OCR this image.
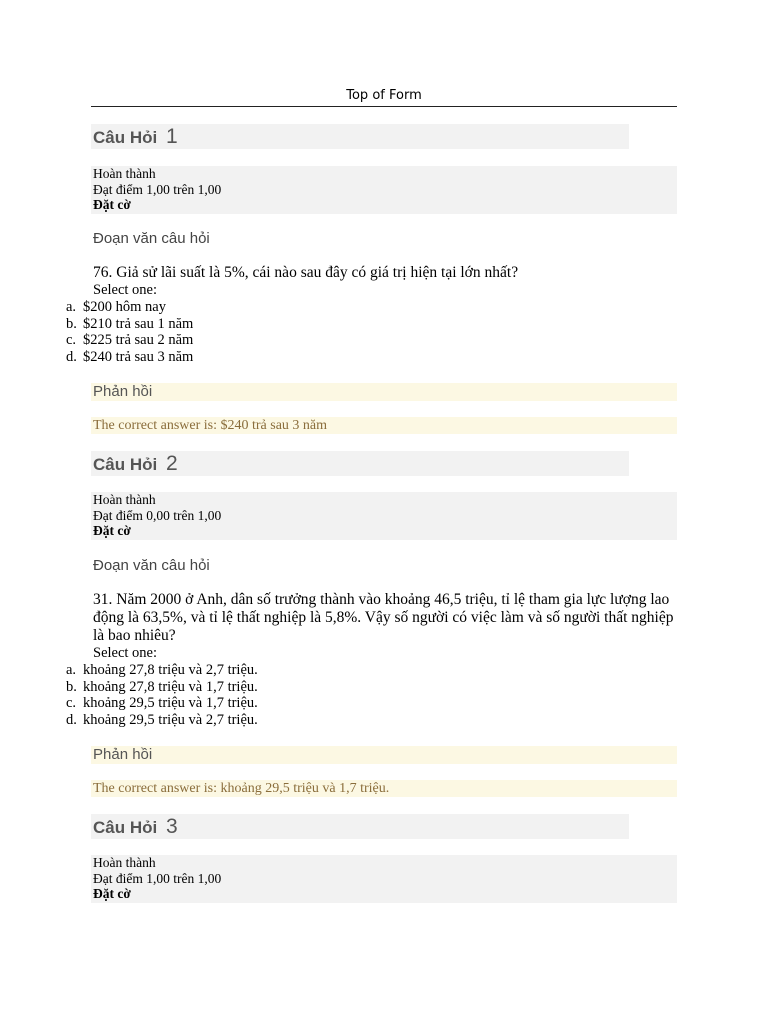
Top of Form
Câu Hỏi 1
Hoàn thành
Đạt điểm 1,00 trên 1,00
Đặt cờ
Đoạn văn câu hỏi
76. Giả sử lãi suất là 5%, cái nào sau đây có giá trị hiện tại lớn nhất?
Select one:
a. $200 hôm nay
b. $210 trả sau 1 năm
c. $225 trả sau 2 năm
d. $240 trả sau 3 năm
Phản hồi
The correct answer is: $240 trả sau 3 năm
Câu Hỏi 2
Hoàn thành
Đạt điểm 0,00 trên 1,00
Đặt cờ
Đoạn văn câu hỏi
31. Năm 2000 ở Anh, dân số trưởng thành vào khoảng 46,5 triệu, tỉ lệ tham gia lực lượng lao động là 63,5%, và tỉ lệ thất nghiệp là 5,8%. Vậy số người có việc làm và số người thất nghiệp là bao nhiêu?
Select one:
a. khoảng 27,8 triệu và 2,7 triệu.
b. khoảng 27,8 triệu và 1,7 triệu.
c. khoảng 29,5 triệu và 1,7 triệu.
d. khoảng 29,5 triệu và 2,7 triệu.
Phản hồi
The correct answer is: khoảng 29,5 triệu và 1,7 triệu.
Câu Hỏi 3
Hoàn thành
Đạt điểm 1,00 trên 1,00
Đặt cờ
